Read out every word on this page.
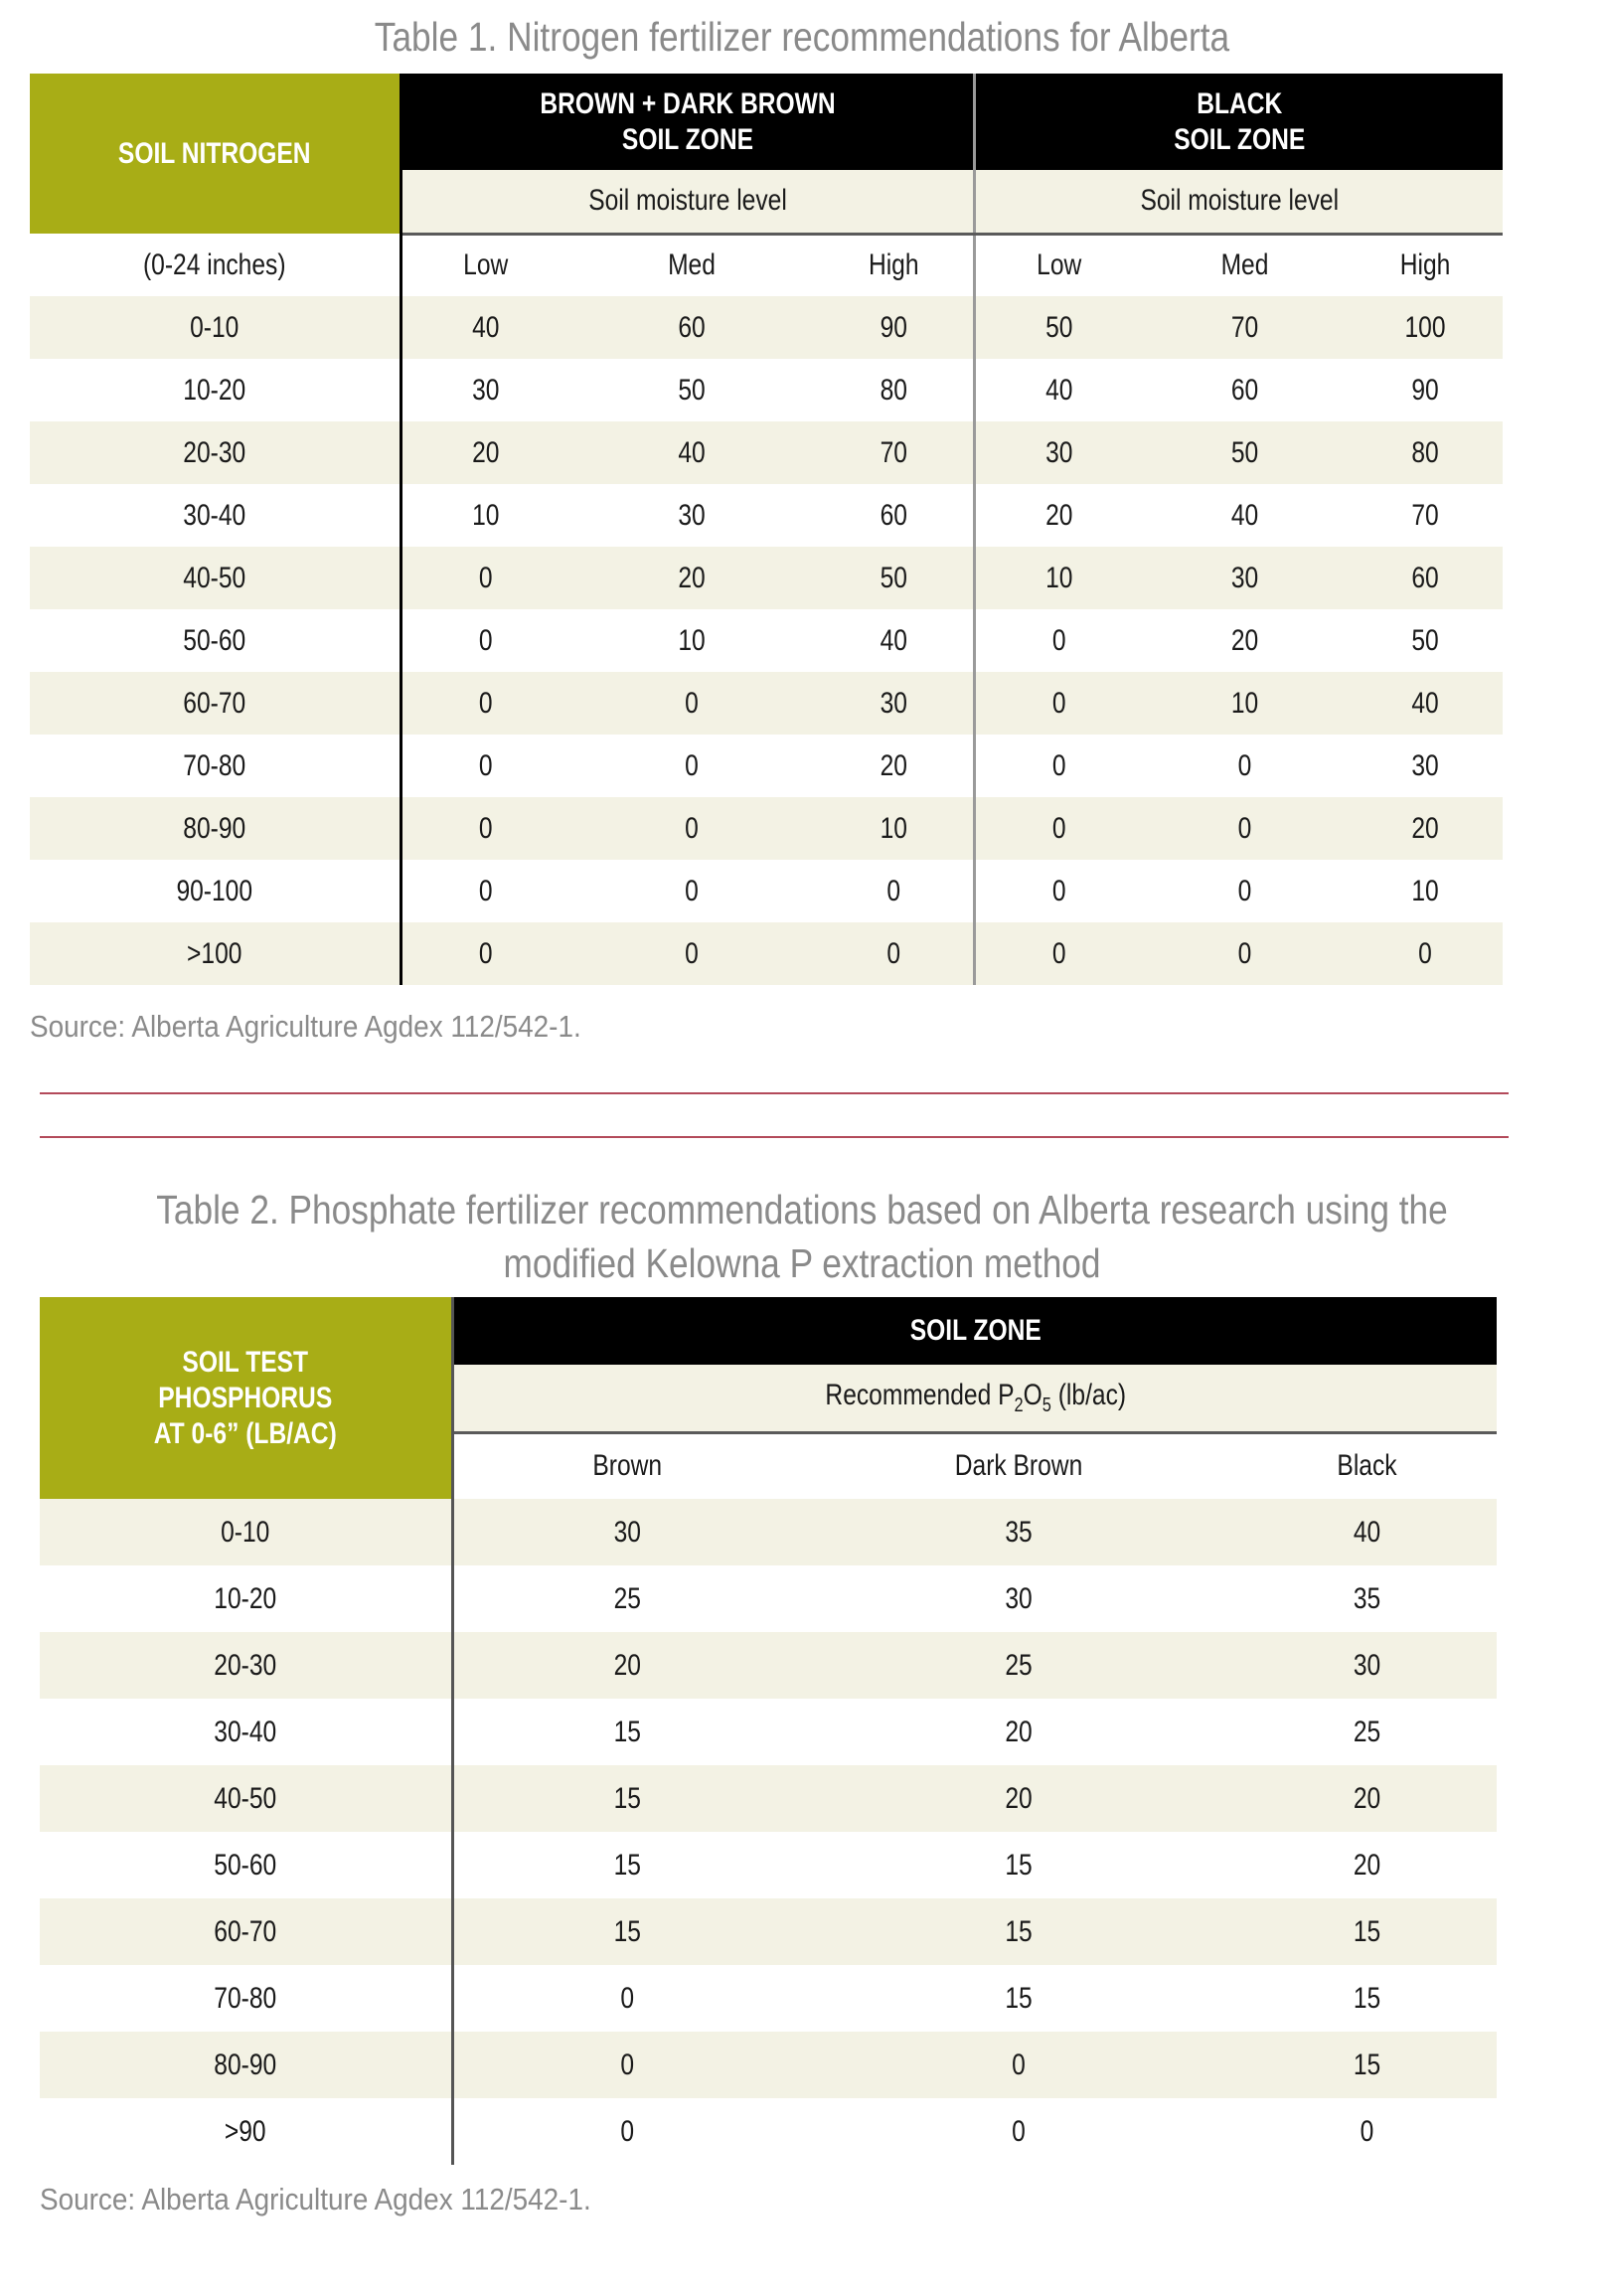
Table 1. Nitrogen fertilizer recommendations for Alberta
SOIL NITROGEN	BROWN + DARK BROWN
SOIL ZONE			BLACK
SOIL ZONE		

	Soil moisture level			Soil moisture level		

(0-24 inches)	Low	Med	High	Low	Med	High

0-10	40	60	90	50	70	100

10-20	30	50	80	40	60	90

20-30	20	40	70	30	50	80

30-40	10	30	60	20	40	70

40-50	0	20	50	10	30	60

50-60	0	10	40	0	20	50

60-70	0	0	30	0	10	40

70-80	0	0	20	0	0	30

80-90	0	0	10	0	0	20

90-100	0	0	0	0	0	10

>100	0	0	0	0	0	0
Source: Alberta Agriculture Agdex 112/542-1.
Table 2. Phosphate fertilizer recommendations based on Alberta research using the
modified Kelowna P extraction method
SOIL TEST
PHOSPHORUS
AT 0-6” (LB/AC)	SOIL ZONE		

	Recommended $P_2O_5$ (lb/ac)		

	Brown	Dark Brown	Black

0-10	30	35	40

10-20	25	30	35

20-30	20	25	30

30-40	15	20	25

40-50	15	20	20

50-60	15	15	20

60-70	15	15	15

70-80	0	15	15

80-90	0	0	15

>90	0	0	0
Source: Alberta Agriculture Agdex 112/542-1.
